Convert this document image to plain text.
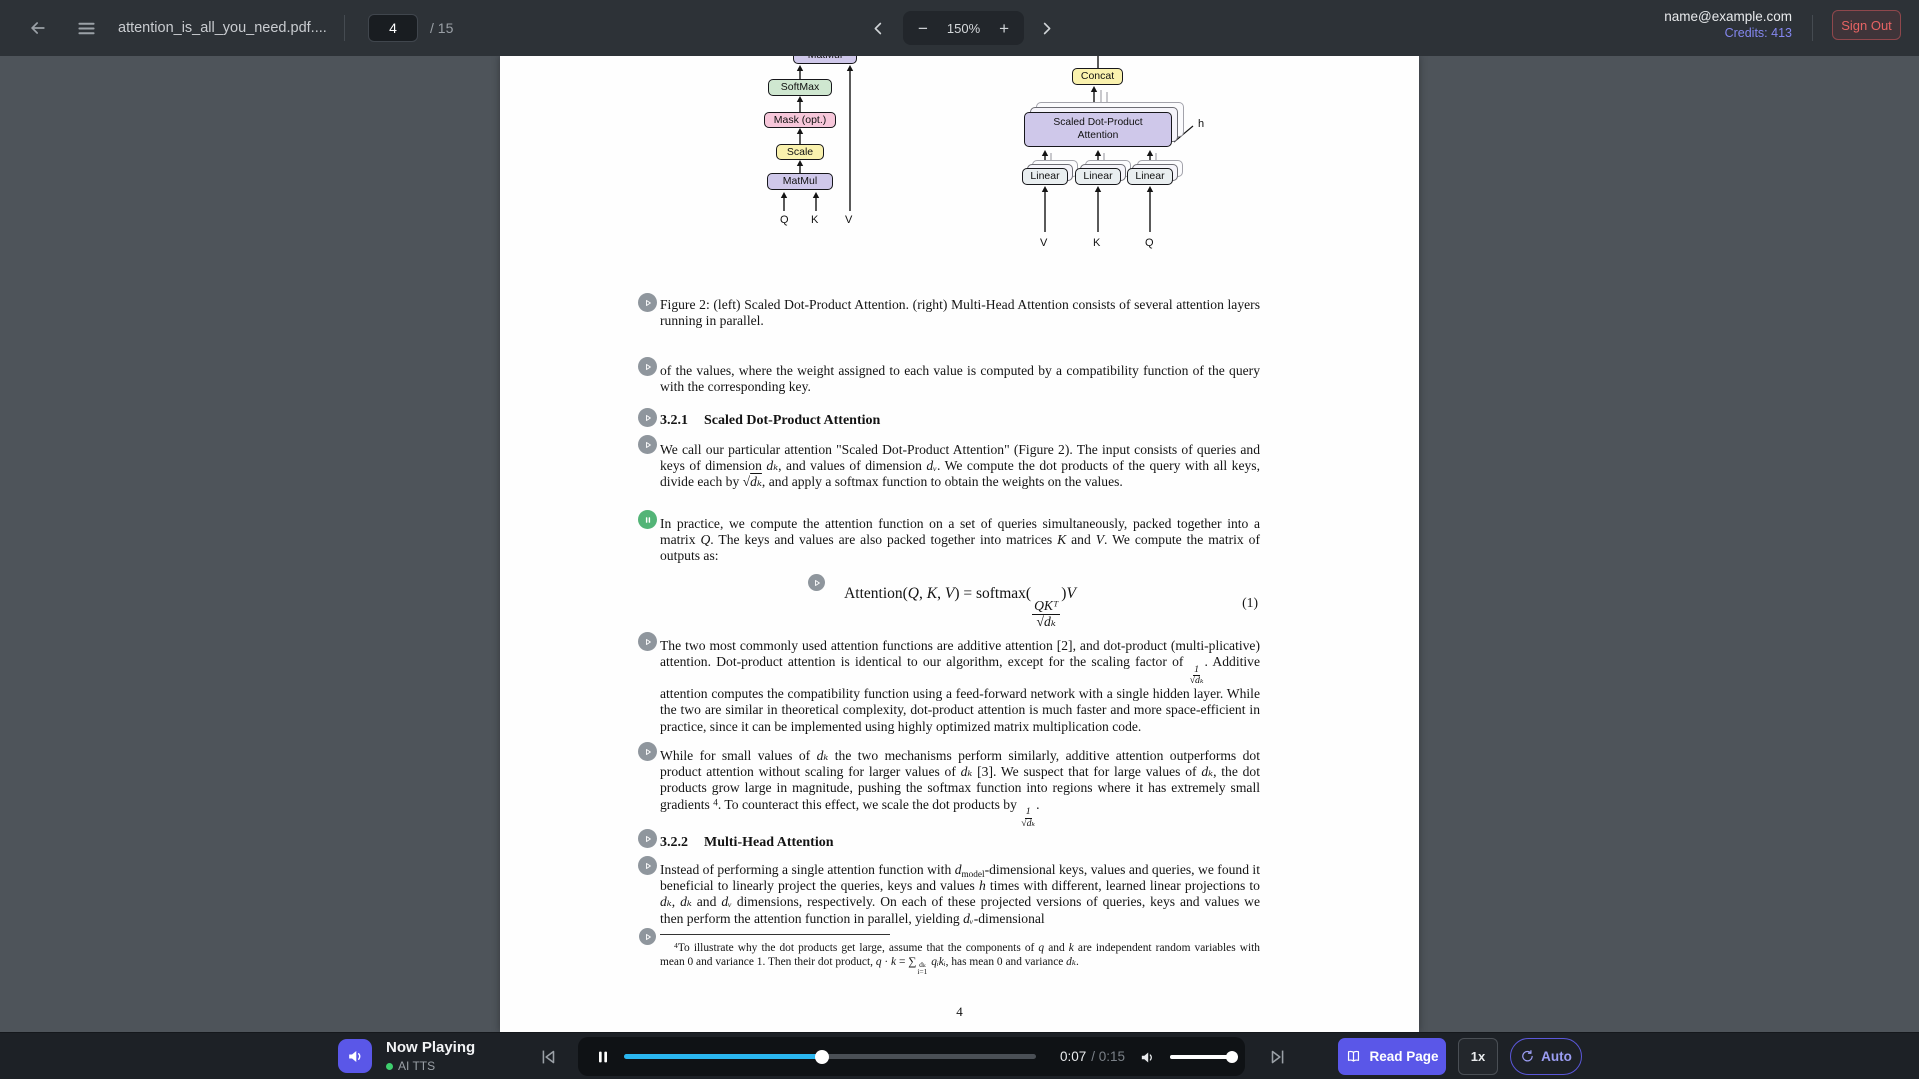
attention_is_all_you_need.pdf....
4	/ 15	− 150% +
name@example.com
Credits: 413
Sign Out
SoftMax
Mask (opt.)
Scale
MatMul
Q K V
Concat
Scaled Dot-Product Attention
h
Linear	Linear	Linear
V	K	Q

Figure 2: (left) Scaled Dot-Product Attention. (right) Multi-Head Attention consists of several attention layers running in parallel.

of the values, where the weight assigned to each value is computed by a compatibility function of the query with the corresponding key.

3.2.1 Scaled Dot-Product Attention

We call our particular attention "Scaled Dot-Product Attention" (Figure 2). The input consists of queries and keys of dimension dₖ, and values of dimension dᵥ. We compute the dot products of the query with all keys, divide each by √dₖ, and apply a softmax function to obtain the weights on the values.

In practice, we compute the attention function on a set of queries simultaneously, packed together into a matrix Q. The keys and values are also packed together into matrices K and V. We compute the matrix of outputs as:

Attention(Q, K, V) = softmax(
$\frac{\text{QKᵀ}}{\text{√dₖ}}$
)V
(1)

The two most commonly used attention functions are additive attention [2], and dot-product (multi-plicative) attention. Dot-product attention is identical to our algorithm, except for the scaling factor of
$\frac{1}{\text{√dₖ}}$
. Additive attention computes the compatibility function using a feed-forward network with a single hidden layer. While the two are similar in theoretical complexity, dot-product attention is much faster and more space-efficient in practice, since it can be implemented using highly optimized matrix multiplication code.

While for small values of dₖ the two mechanisms perform similarly, additive attention outperforms dot product attention without scaling for larger values of dₖ [3]. We suspect that for large values of dₖ, the dot products grow large in magnitude, pushing the softmax function into regions where it has extremely small gradients $^4$. To counteract this effect, we scale the dot products by
$\frac{1}{\text{√dₖ}}$
.

3.2.2 Multi-Head Attention

Instead of performing a single attention function with $d_{model}$-dimensional keys, values and queries, we found it beneficial to linearly project the queries, keys and values h times with different, learned linear projections to dₖ, dₖ and dᵥ dimensions, respectively. On each of these projected versions of queries, keys and values we then perform the attention function in parallel, yielding dᵥ-dimensional

$^4$To illustrate why the dot products get large, assume that the components of q and k are independent random variables with mean 0 and variance 1. Then their dot product, q · k = ∑ dₖ
i=1
qᵢkᵢ, has mean 0 and variance dₖ.

4
Now Playing
AI TTS
0:07 / 0:15	Read Page	1x	Auto
